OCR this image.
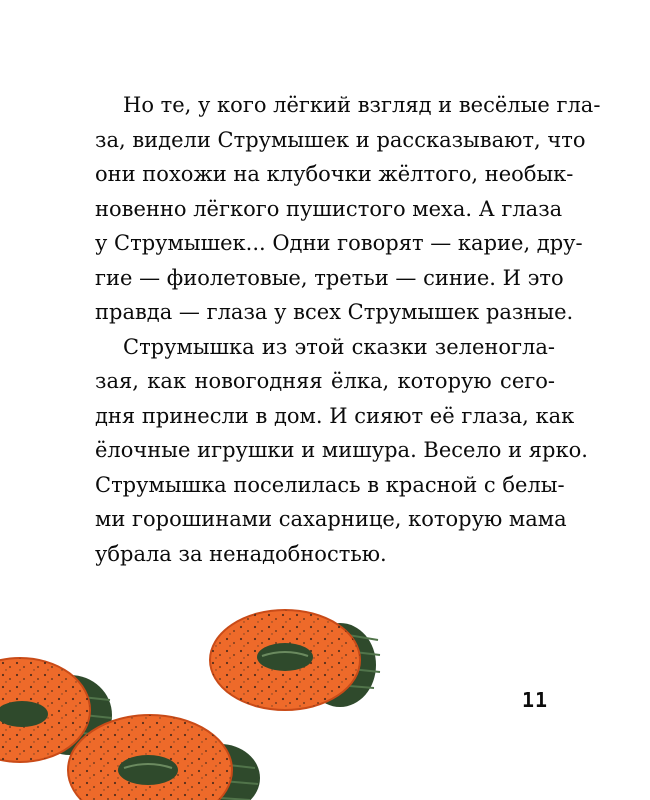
Но те, у кого лёгкий взгляд и весёлые гла-
за, видели Струмышек и рассказывают, что
они похожи на клубочки жёлтого, необык-
новенно лёгкого пушистого меха. А глаза
у Струмышек... Одни говорят — карие, дру-
гие — фиолетовые, третьи — синие. И это
правда — глаза у всех Струмышек разные.

Струмышка из этой сказки зеленогла-
зая, как новогодняя ёлка, которую сего-
дня принесли в дом. И сияют её глаза, как
ёлочные игрушки и мишура. Весело и ярко.
Струмышка поселилась в красной с белы-
ми горошинами сахарнице, которую мама
убрала за ненадобностью.

11
